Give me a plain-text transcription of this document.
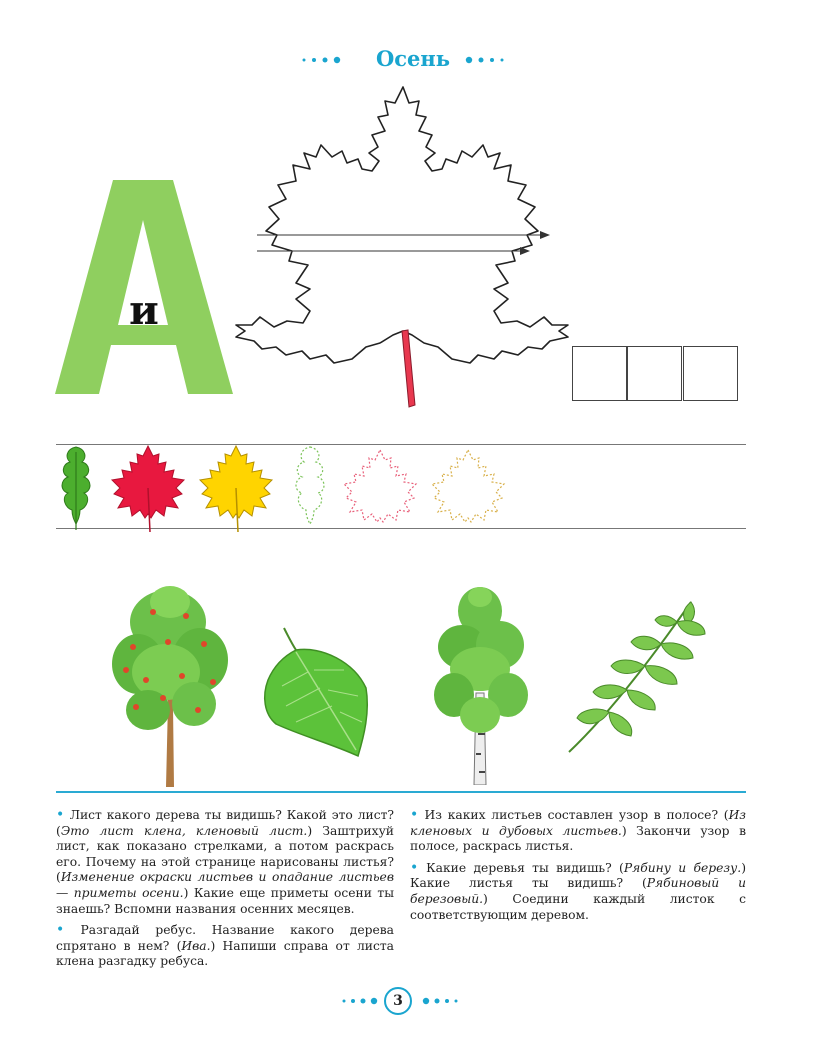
Осень
и

• Лист какого дерева ты видишь? Какой это лист? (Это лист клена, кленовый лист.) Заштрихуй лист, как показано стрелками, а потом раскрась его. Почему на этой странице нарисованы листья? (Изменение окраски листьев и опадание листьев — приметы осени.) Какие еще приметы осени ты знаешь? Вспомни названия осенних месяцев.

• Разгадай ребус. Название какого дерева спрятано в нем? (Ива.) Напиши справа от листа клена разгадку ребуса.

• Из каких листьев составлен узор в полосе? (Из кленовых и дубовых листьев.) Закончи узор в полосе, раскрась листья.

• Какие деревья ты видишь? (Рябину и березу.) Какие листья ты видишь? (Рябиновый и березовый.) Соедини каждый листок с соответствующим деревом.

3
